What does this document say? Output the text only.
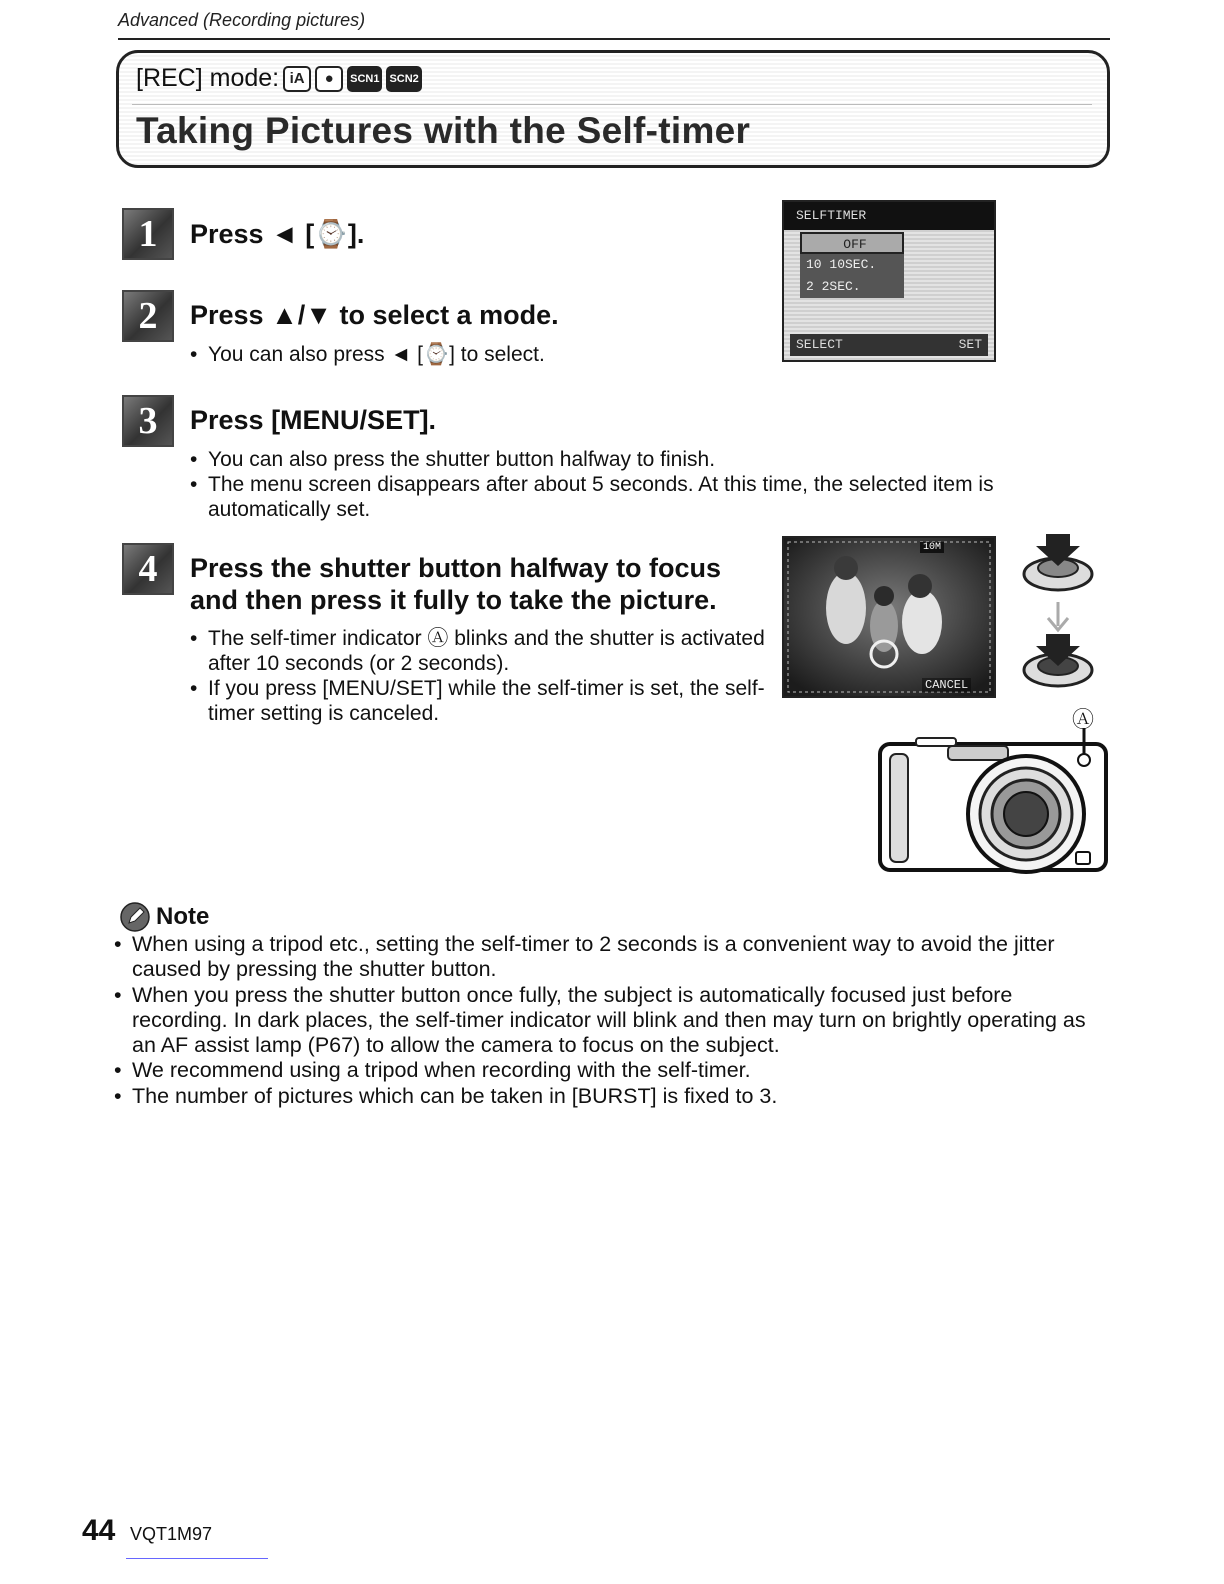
Advanced (Recording pictures)
[REC] mode: iA	●	SCN1 SCN2
Taking Pictures with the Self-timer
1	Press ◄ [⌚].
2	Press ▲/▼ to select a mode.
• You can also press ◄ [⌚] to select.
SELFTIMER
OFF
10 10SEC.
2 2SEC.
SELECT	SET
3	Press [MENU/SET].
• You can also press the shutter button halfway to finish.
• The menu screen disappears after about 5 seconds. At this time, the selected item is automatically set.
4	Press the shutter button halfway to focus and then press it fully to take the picture.
• The self-timer indicator Ⓐ blinks and the shutter is activated after 10 seconds (or 2 seconds).
• If you press [MENU/SET] while the self-timer is set, the self-timer setting is canceled.
10M
CANCEL
Ⓐ
Note
• When using a tripod etc., setting the self-timer to 2 seconds is a convenient way to avoid the jitter caused by pressing the shutter button.
• When you press the shutter button once fully, the subject is automatically focused just before recording. In dark places, the self-timer indicator will blink and then may turn on brightly operating as an AF assist lamp (P67) to allow the camera to focus on the subject.
• We recommend using a tripod when recording with the self-timer.
• The number of pictures which can be taken in [BURST] is fixed to 3.
44 VQT1M97
